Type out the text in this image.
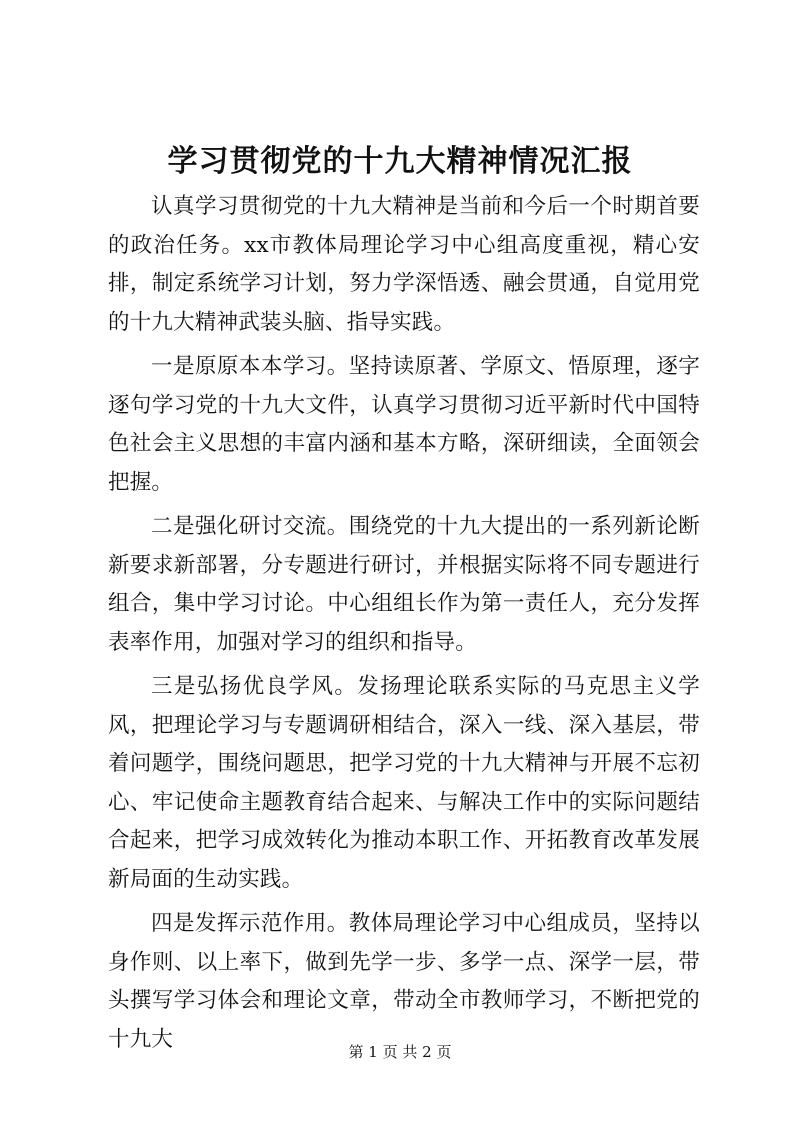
学习贯彻党的十九大精神情况汇报

认真学习贯彻党的十九大精神是当前和今后一个时期首要的政治任务。xx市教体局理论学习中心组高度重视，精心安排，制定系统学习计划，努力学深悟透、融会贯通，自觉用党的十九大精神武装头脑、指导实践。

一是原原本本学习。坚持读原著、学原文、悟原理，逐字逐句学习党的十九大文件，认真学习贯彻习近平新时代中国特色社会主义思想的丰富内涵和基本方略，深研细读，全面领会把握。

二是强化研讨交流。围绕党的十九大提出的一系列新论断新要求新部署，分专题进行研讨，并根据实际将不同专题进行组合，集中学习讨论。中心组组长作为第一责任人，充分发挥表率作用，加强对学习的组织和指导。

三是弘扬优良学风。发扬理论联系实际的马克思主义学风，把理论学习与专题调研相结合，深入一线、深入基层，带着问题学，围绕问题思，把学习党的十九大精神与开展不忘初心、牢记使命主题教育结合起来、与解决工作中的实际问题结合起来，把学习成效转化为推动本职工作、开拓教育改革发展新局面的生动实践。

四是发挥示范作用。教体局理论学习中心组成员，坚持以身作则、以上率下，做到先学一步、多学一点、深学一层，带头撰写学习体会和理论文章，带动全市教师学习，不断把党的十九大

第 1 页 共 2 页
